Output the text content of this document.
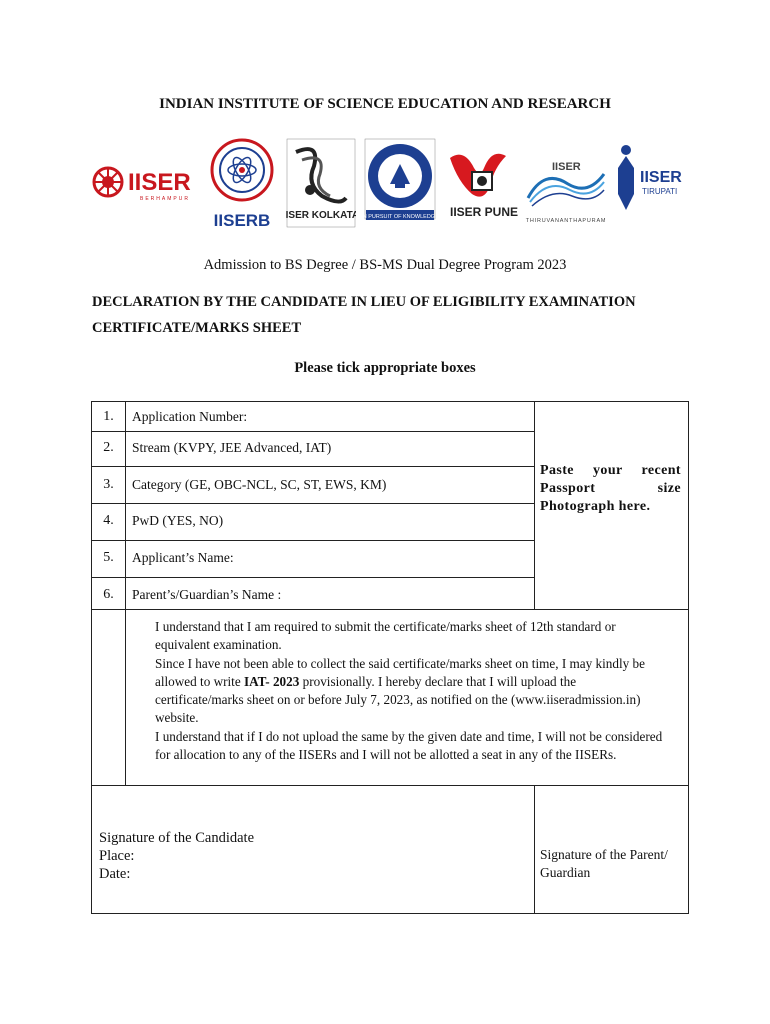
INDIAN INSTITUTE OF SCIENCE EDUCATION AND RESEARCH
IISER
BERHAMPUR
IISERB IISER KOLKATA IN PURSUIT OF KNOWLEDGE IISER PUNE
IISER
THIRUVANANTHAPURAM
IISER
TIRUPATI
Admission to BS Degree / BS-MS Dual Degree Program 2023
DECLARATION BY THE CANDIDATE IN LIEU OF ELIGIBILITY EXAMINATION CERTIFICATE/MARKS SHEET
Please tick appropriate boxes
1.	Application Number:
2.	Stream (KVPY, JEE Advanced, IAT)
3.	Category (GE, OBC-NCL, SC, ST, EWS, KM)
4.	PwD (YES, NO)
5.	Applicant’s Name:
6.	Parent’s/Guardian’s Name :
Paste your recent Passport size Photograph here.
I understand that I am required to submit the certificate/marks sheet of 12th standard or equivalent examination.
Since I have not been able to collect the said certificate/marks sheet on time, I may kindly be allowed to write IAT- 2023 provisionally. I hereby declare that I will upload the certificate/marks sheet on or before July 7, 2023, as notified on the (www.iiseradmission.in) website.
I understand that if I do not upload the same by the given date and time, I will not be considered for allocation to any of the IISERs and I will not be allotted a seat in any of the IISERs.
Signature of the Candidate
Place:
Date:
Signature of the Parent/ Guardian
